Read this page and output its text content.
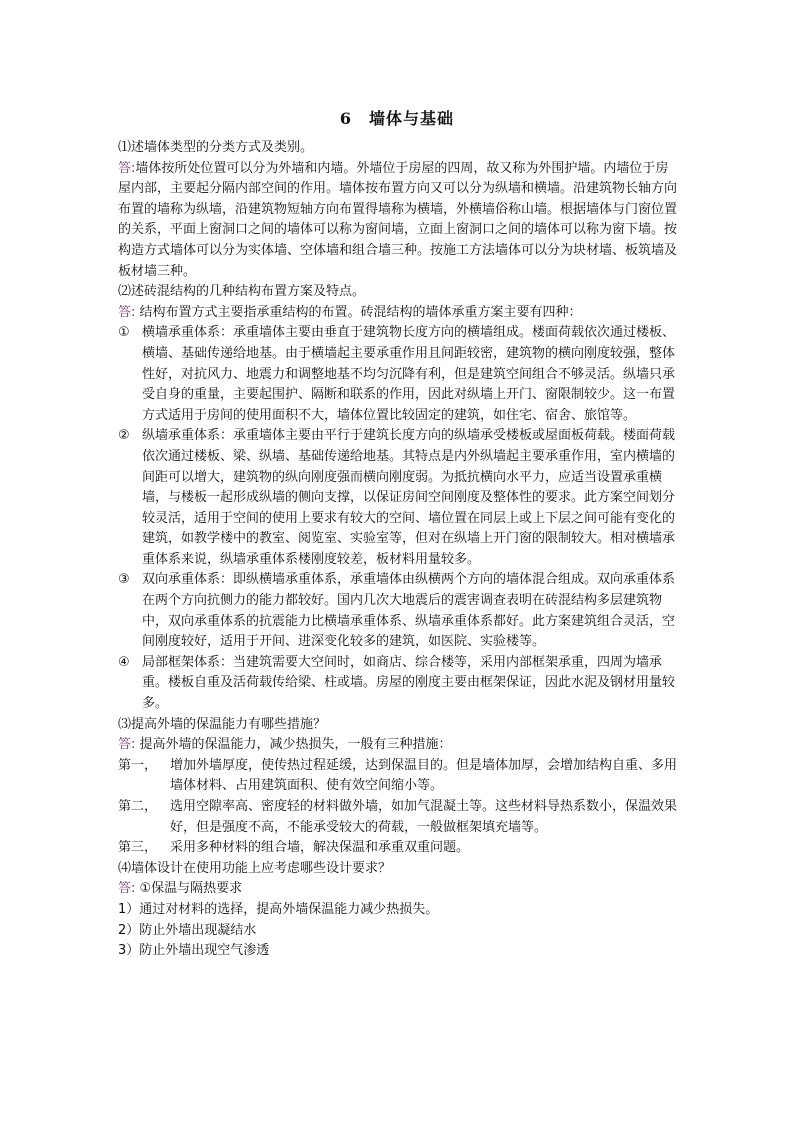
6　墙体与基础

⑴述墙体类型的分类方式及类别。

答:墙体按所处位置可以分为外墙和内墙。外墙位于房屋的四周，故又称为外围护墙。内墙位于房屋内部，主要起分隔内部空间的作用。墙体按布置方向又可以分为纵墙和横墙。沿建筑物长轴方向布置的墙称为纵墙，沿建筑物短轴方向布置得墙称为横墙，外横墙俗称山墙。根据墙体与门窗位置的关系，平面上窗洞口之间的墙体可以称为窗间墙，立面上窗洞口之间的墙体可以称为窗下墙。按构造方式墙体可以分为实体墙、空体墙和组合墙三种。按施工方法墙体可以分为块材墙、板筑墙及板材墙三种。

⑵述砖混结构的几种结构布置方案及特点。

答: 结构布置方式主要指承重结构的布置。砖混结构的墙体承重方案主要有四种：

① 横墙承重体系：承重墙体主要由垂直于建筑物长度方向的横墙组成。楼面荷载依次通过楼板、横墙、基础传递给地基。由于横墙起主要承重作用且间距较密，建筑物的横向刚度较强，整体性好，对抗风力、地震力和调整地基不均匀沉降有利，但是建筑空间组合不够灵活。纵墙只承受自身的重量，主要起围护、隔断和联系的作用，因此对纵墙上开门、窗限制较少。这一布置方式适用于房间的使用面积不大，墙体位置比较固定的建筑，如住宅、宿舍、旅馆等。
② 纵墙承重体系：承重墙体主要由平行于建筑长度方向的纵墙承受楼板或屋面板荷载。楼面荷载依次通过楼板、梁、纵墙、基础传递给地基。其特点是内外纵墙起主要承重作用，室内横墙的间距可以增大，建筑物的纵向刚度强而横向刚度弱。为抵抗横向水平力，应适当设置承重横墙，与楼板一起形成纵墙的侧向支撑，以保证房间空间刚度及整体性的要求。此方案空间划分较灵活，适用于空间的使用上要求有较大的空间、墙位置在同层上或上下层之间可能有变化的建筑，如教学楼中的教室、阅览室、实验室等，但对在纵墙上开门窗的限制较大。相对横墙承重体系来说，纵墙承重体系楼刚度较差，板材料用量较多。
③ 双向承重体系：即纵横墙承重体系，承重墙体由纵横两个方向的墙体混合组成。双向承重体系在两个方向抗侧力的能力都较好。国内几次大地震后的震害调查表明在砖混结构多层建筑物中，双向承重体系的抗震能力比横墙承重体系、纵墙承重体系都好。此方案建筑组合灵活，空间刚度较好，适用于开间、进深变化较多的建筑，如医院、实验楼等。
④ 局部框架体系：当建筑需要大空间时，如商店、综合楼等，采用内部框架承重，四周为墙承重。楼板自重及活荷载传给梁、柱或墙。房屋的刚度主要由框架保证，因此水泥及钢材用量较多。

⑶提高外墙的保温能力有哪些措施？

答: 提高外墙的保温能力，减少热损失，一般有三种措施：

第一， 增加外墙厚度，使传热过程延缓，达到保温目的。但是墙体加厚，会增加结构自重、多用墙体材料、占用建筑面积、使有效空间缩小等。
第二， 选用空隙率高、密度轻的材料做外墙，如加气混凝土等。这些材料导热系数小，保温效果好，但是强度不高，不能承受较大的荷载，一般做框架填充墙等。
第三， 采用多种材料的组合墙，解决保温和承重双重问题。

⑷墙体设计在使用功能上应考虑哪些设计要求？

答: ①保温与隔热要求

1）通过对材料的选择，提高外墙保温能力减少热损失。

2）防止外墙出现凝结水

3）防止外墙出现空气渗透
